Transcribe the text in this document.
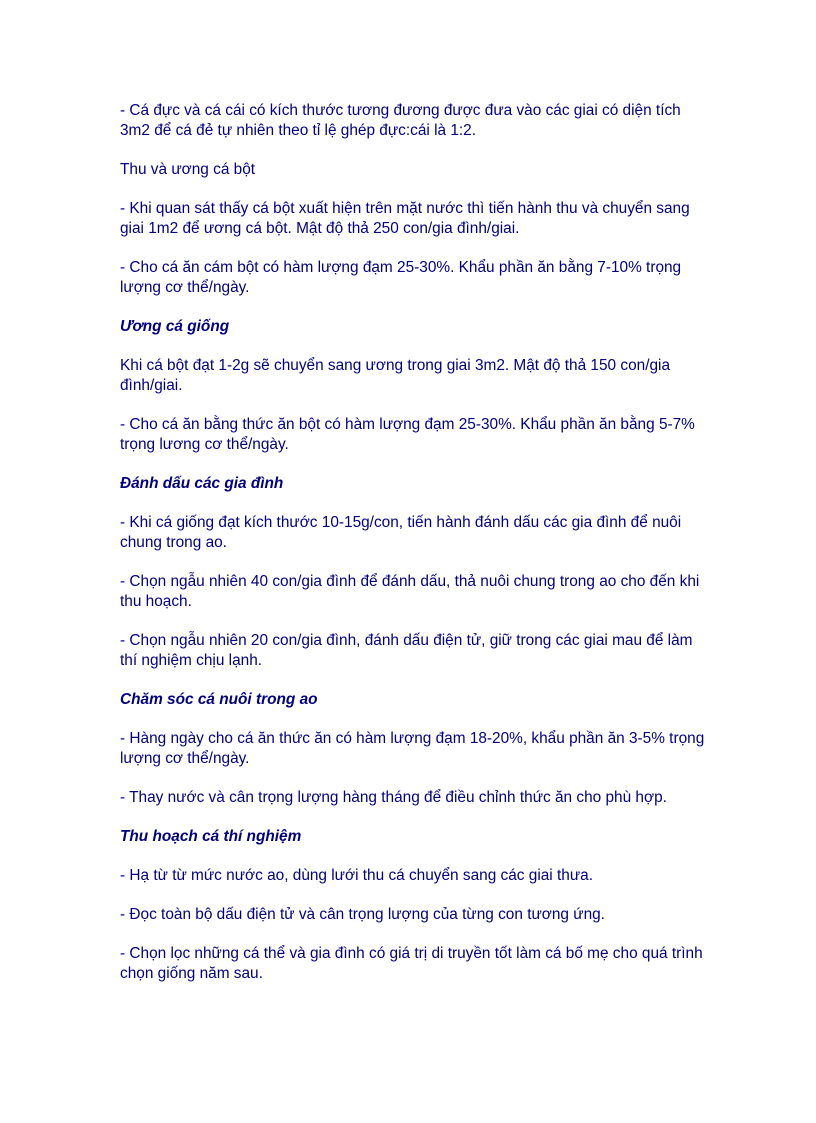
- Cá đực và cá cái có kích thước tương đương được đưa vào các giai có diện tích 3m2 để cá đẻ tự nhiên theo tỉ lệ ghép đực:cái là 1:2.

Thu và ương cá bột

- Khi quan sát thấy cá bột xuất hiện trên mặt nước thì tiến hành thu và chuyển sang giai 1m2 để ương cá bột. Mật độ thả 250 con/gia đình/giai.

- Cho cá ăn cám bột có hàm lượng đạm 25-30%. Khẩu phần ăn bằng 7-10% trọng lượng cơ thể/ngày.

Ương cá giống

Khi cá bột đạt 1-2g sẽ chuyển sang ương trong giai 3m2. Mật độ thả 150 con/gia đình/giai.

- Cho cá ăn bằng thức ăn bột có hàm lượng đạm 25-30%. Khẩu phần ăn bằng 5-7% trọng lương cơ thể/ngày.

Đánh dấu các gia đình

- Khi cá giống đạt kích thước 10-15g/con, tiến hành đánh dấu các gia đình để nuôi chung trong ao.

- Chọn ngẫu nhiên 40 con/gia đình để đánh dấu, thả nuôi chung trong ao cho đến khi thu hoạch.

- Chọn ngẫu nhiên 20 con/gia đình, đánh dấu điện tử, giữ trong các giai mau để làm thí nghiệm chịu lạnh.

Chăm sóc cá nuôi trong ao

- Hàng ngày cho cá ăn thức ăn có hàm lượng đạm 18-20%, khẩu phần ăn 3-5% trọng lượng cơ thể/ngày.

- Thay nước và cân trọng lượng hàng tháng để điều chỉnh thức ăn cho phù hợp.

Thu hoạch cá thí nghiệm

- Hạ từ từ mức nước ao, dùng lưới thu cá chuyển sang các giai thưa.

- Đọc toàn bộ dấu điện tử và cân trọng lượng của từng con tương ứng.

- Chọn lọc những cá thể và gia đình có giá trị di truyền tốt làm cá bố mẹ cho quá trình chọn giống năm sau.
